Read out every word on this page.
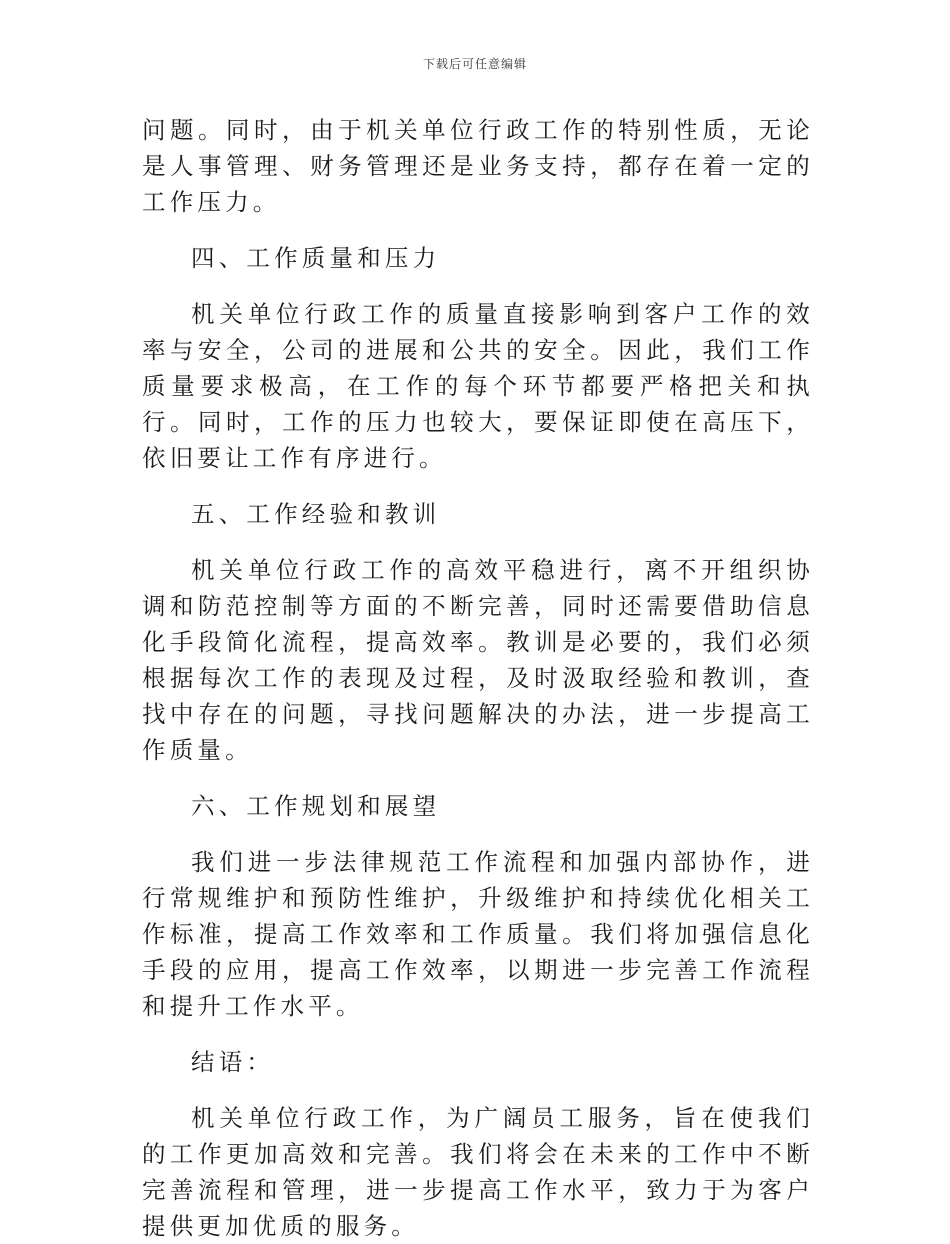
下载后可任意编辑

问题。同时，由于机关单位行政工作的特别性质，无论是人事管理、财务管理还是业务支持，都存在着一定的工作压力。

四、工作质量和压力

机关单位行政工作的质量直接影响到客户工作的效率与安全，公司的进展和公共的安全。因此，我们工作质量要求极高，在工作的每个环节都要严格把关和执行。同时，工作的压力也较大，要保证即使在高压下，依旧要让工作有序进行。

五、工作经验和教训

机关单位行政工作的高效平稳进行，离不开组织协调和防范控制等方面的不断完善，同时还需要借助信息化手段简化流程，提高效率。教训是必要的，我们必须根据每次工作的表现及过程，及时汲取经验和教训，查找中存在的问题，寻找问题解决的办法，进一步提高工作质量。

六、工作规划和展望

我们进一步法律规范工作流程和加强内部协作，进行常规维护和预防性维护，升级维护和持续优化相关工作标准，提高工作效率和工作质量。我们将加强信息化手段的应用，提高工作效率，以期进一步完善工作流程和提升工作水平。

结语：

机关单位行政工作，为广阔员工服务，旨在使我们的工作更加高效和完善。我们将会在未来的工作中不断完善流程和管理，进一步提高工作水平，致力于为客户提供更加优质的服务。
